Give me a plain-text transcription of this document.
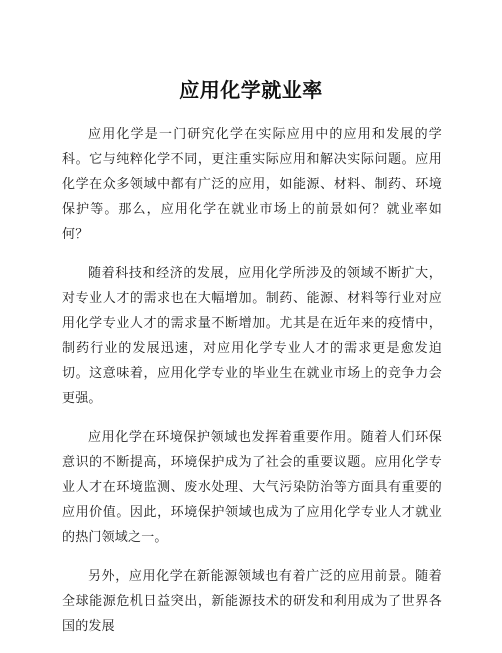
应用化学就业率

应用化学是一门研究化学在实际应用中的应用和发展的学科。它与纯粹化学不同，更注重实际应用和解决实际问题。应用化学在众多领域中都有广泛的应用，如能源、材料、制药、环境保护等。那么，应用化学在就业市场上的前景如何？就业率如何？

随着科技和经济的发展，应用化学所涉及的领域不断扩大，对专业人才的需求也在大幅增加。制药、能源、材料等行业对应用化学专业人才的需求量不断增加。尤其是在近年来的疫情中，制药行业的发展迅速，对应用化学专业人才的需求更是愈发迫切。这意味着，应用化学专业的毕业生在就业市场上的竞争力会更强。

应用化学在环境保护领域也发挥着重要作用。随着人们环保意识的不断提高，环境保护成为了社会的重要议题。应用化学专业人才在环境监测、废水处理、大气污染防治等方面具有重要的应用价值。因此，环境保护领域也成为了应用化学专业人才就业的热门领域之一。

另外，应用化学在新能源领域也有着广泛的应用前景。随着全球能源危机日益突出，新能源技术的研发和利用成为了世界各国的发展
